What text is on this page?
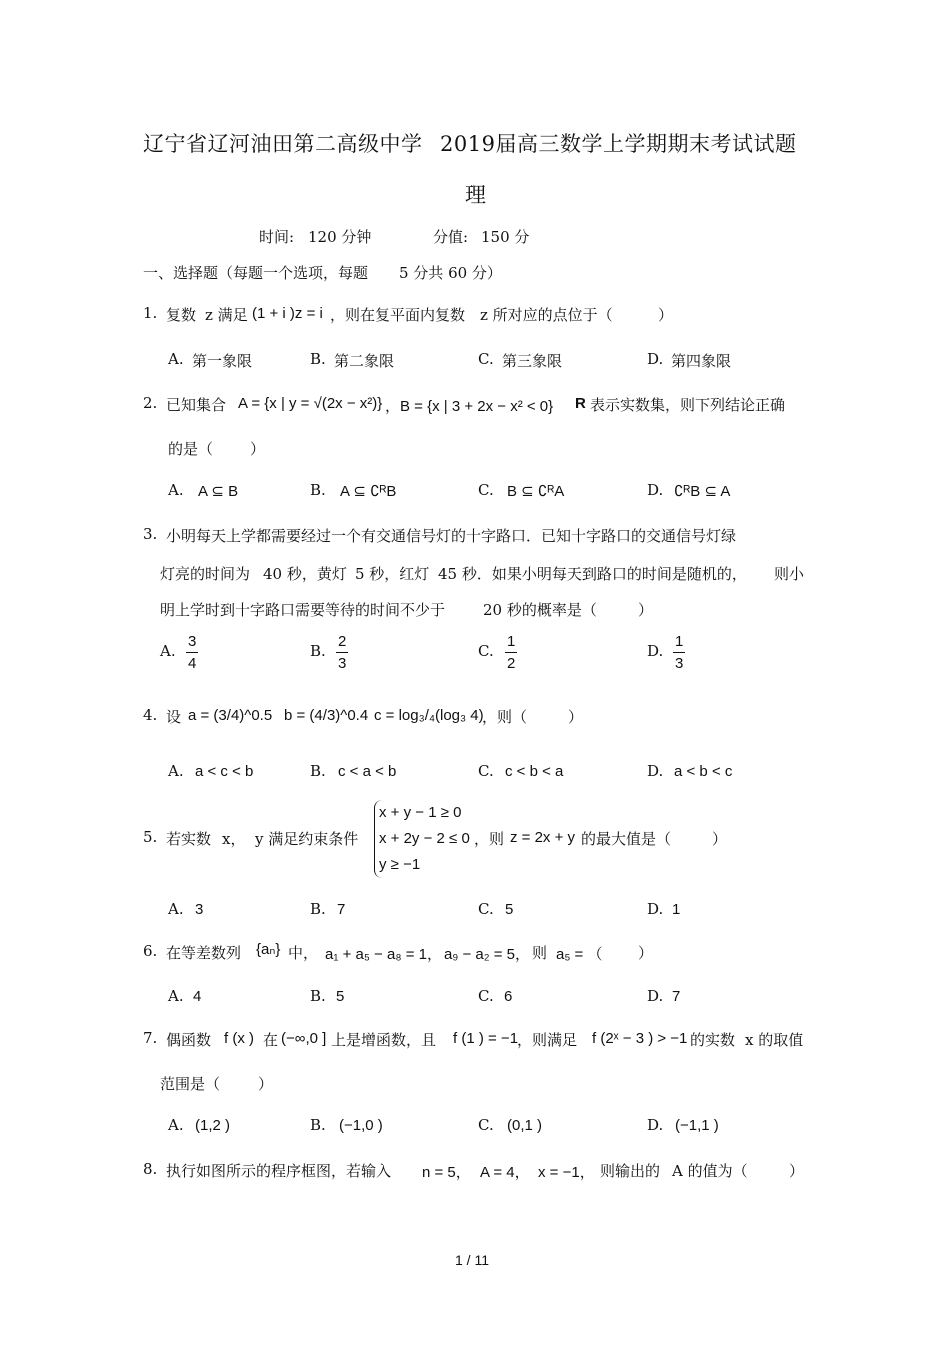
辽宁省辽河油田第二高级中学 2019届高三数学上学期期末考试试题
理
时间: 120 分钟	分值: 150 分
一、选择题（每题一个选项，每题 5 分共 60 分）
1. 复数 z 满足 (1 + i )z = i ，则在复平面内复数 z 所对应的点位于（	）
A. 第一象限	B. 第二象限	C. 第三象限	D. 第四象限
2. 已知集合 A = {x | y = √(2x − x²)} ，B = {x | 3 + 2x − x² < 0} R 表示实数集，则下列结论正确
的是（ ）
A. A ⊆ B	B. A ⊆ ∁ᴿB	C. B ⊆ ∁ᴿA	D. ∁ᴿB ⊆ A
3. 小明每天上学都需要经过一个有交通信号灯的十字路口．已知十字路口的交通信号灯绿
灯亮的时间为 40 秒，黄灯 5 秒，红灯 45 秒．如果小明每天到路口的时间是随机的， 则小
明上学时到十字路口需要等待的时间不少于	20 秒的概率是（	）
A. $\frac{3}{4}$	B. $\frac{2}{3}$	C. $\frac{1}{2}$	D. $\frac{1}{3}$
4. 设 a = (3/4)^0.5 b = (4/3)^0.4 c = log₃/₄(log₃ 4)
，则（	）
A. a < c < b	B. c < a < b	C. c < b < a	D. a < b < c
5. 若实数 x， y 满足约束条件
x + y − 1 ≥ 0
x + 2y − 2 ≤ 0
y ≥ −1
，则 z = 2x + y 的最大值是（	）
A. 3	B. 7	C. 5	D. 1
6. 在等差数列 {aₙ} 中， a₁ + a₅ − a₈ = 1， a₉ − a₂ = 5， 则 a₅ = （ ）
A. 4	B. 5	C. 6	D. 7
7. 偶函数 f (x ) 在 (−∞,0 ] 上是增函数，且 f (1 ) = −1
，则满足 f (2ˣ − 3 ) > −1 的实数 x 的取值
范围是（	）
A. (1,2 )	B. (−1,0 )	C. (0,1 )	D. (−1,1 )
8. 执行如图所示的程序框图，若输入 n = 5， A = 4， x = −1， 则输出的 A 的值为（	）
1 / 11
